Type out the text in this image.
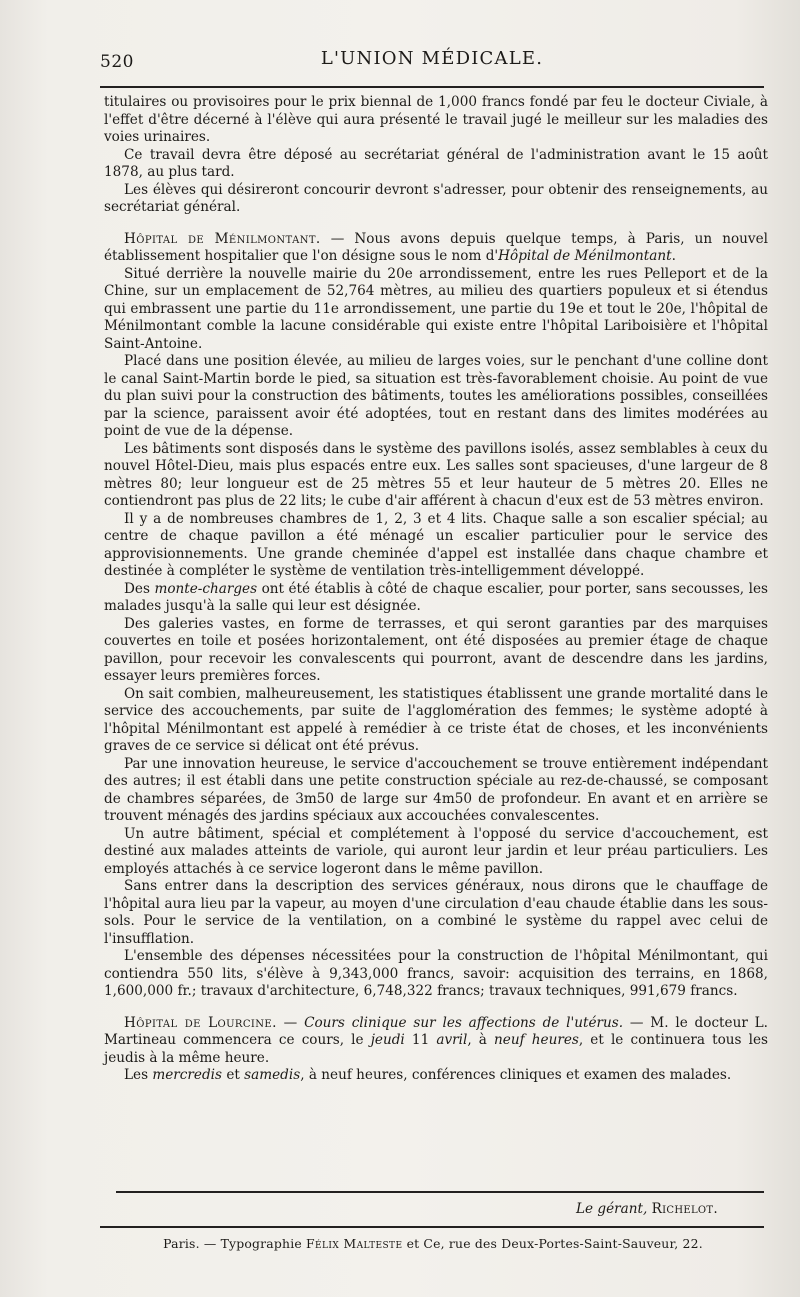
520	L'UNION MÉDICALE.

titulaires ou provisoires pour le prix biennal de 1,000 francs fondé par feu le docteur Civiale, à l'effet d'être décerné à l'élève qui aura présenté le travail jugé le meilleur sur les maladies des voies urinaires.

Ce travail devra être déposé au secrétariat général de l'administration avant le 15 août 1878, au plus tard.

Les élèves qui désireront concourir devront s'adresser, pour obtenir des renseignements, au secrétariat général.

Hôpital de Ménilmontant. — Nous avons depuis quelque temps, à Paris, un nouvel établissement hospitalier que l'on désigne sous le nom d'Hôpital de Ménilmontant.

Situé derrière la nouvelle mairie du 20e arrondissement, entre les rues Pelleport et de la Chine, sur un emplacement de 52,764 mètres, au milieu des quartiers populeux et si étendus qui embrassent une partie du 11e arrondissement, une partie du 19e et tout le 20e, l'hôpital de Ménilmontant comble la lacune considérable qui existe entre l'hôpital Lariboisière et l'hôpital Saint-Antoine.

Placé dans une position élevée, au milieu de larges voies, sur le penchant d'une colline dont le canal Saint-Martin borde le pied, sa situation est très-favorablement choisie. Au point de vue du plan suivi pour la construction des bâtiments, toutes les améliorations possibles, conseillées par la science, paraissent avoir été adoptées, tout en restant dans des limites modérées au point de vue de la dépense.

Les bâtiments sont disposés dans le système des pavillons isolés, assez semblables à ceux du nouvel Hôtel-Dieu, mais plus espacés entre eux. Les salles sont spacieuses, d'une largeur de 8 mètres 80; leur longueur est de 25 mètres 55 et leur hauteur de 5 mètres 20. Elles ne contiendront pas plus de 22 lits; le cube d'air afférent à chacun d'eux est de 53 mètres environ.

Il y a de nombreuses chambres de 1, 2, 3 et 4 lits. Chaque salle a son escalier spécial; au centre de chaque pavillon a été ménagé un escalier particulier pour le service des approvisionnements. Une grande cheminée d'appel est installée dans chaque chambre et destinée à compléter le système de ventilation très-intelligemment développé.

Des monte-charges ont été établis à côté de chaque escalier, pour porter, sans secousses, les malades jusqu'à la salle qui leur est désignée.

Des galeries vastes, en forme de terrasses, et qui seront garanties par des marquises couvertes en toile et posées horizontalement, ont été disposées au premier étage de chaque pavillon, pour recevoir les convalescents qui pourront, avant de descendre dans les jardins, essayer leurs premières forces.

On sait combien, malheureusement, les statistiques établissent une grande mortalité dans le service des accouchements, par suite de l'agglomération des femmes; le système adopté à l'hôpital Ménilmontant est appelé à remédier à ce triste état de choses, et les inconvénients graves de ce service si délicat ont été prévus.

Par une innovation heureuse, le service d'accouchement se trouve entièrement indépendant des autres; il est établi dans une petite construction spéciale au rez-de-chaussé, se composant de chambres séparées, de 3m50 de large sur 4m50 de profondeur. En avant et en arrière se trouvent ménagés des jardins spéciaux aux accouchées convalescentes.

Un autre bâtiment, spécial et complétement à l'opposé du service d'accouchement, est destiné aux malades atteints de variole, qui auront leur jardin et leur préau particuliers. Les employés attachés à ce service logeront dans le même pavillon.

Sans entrer dans la description des services généraux, nous dirons que le chauffage de l'hôpital aura lieu par la vapeur, au moyen d'une circulation d'eau chaude établie dans les sous-sols. Pour le service de la ventilation, on a combiné le système du rappel avec celui de l'insufflation.

L'ensemble des dépenses nécessitées pour la construction de l'hôpital Ménilmontant, qui contiendra 550 lits, s'élève à 9,343,000 francs, savoir: acquisition des terrains, en 1868, 1,600,000 fr.; travaux d'architecture, 6,748,322 francs; travaux techniques, 991,679 francs.

Hôpital de Lourcine. — Cours clinique sur les affections de l'utérus. — M. le docteur L. Martineau commencera ce cours, le jeudi 11 avril, à neuf heures, et le continuera tous les jeudis à la même heure.

Les mercredis et samedis, à neuf heures, conférences cliniques et examen des malades.

Le gérant, Richelot.
Paris. — Typographie Félix Malteste et Ce, rue des Deux-Portes-Saint-Sauveur, 22.
